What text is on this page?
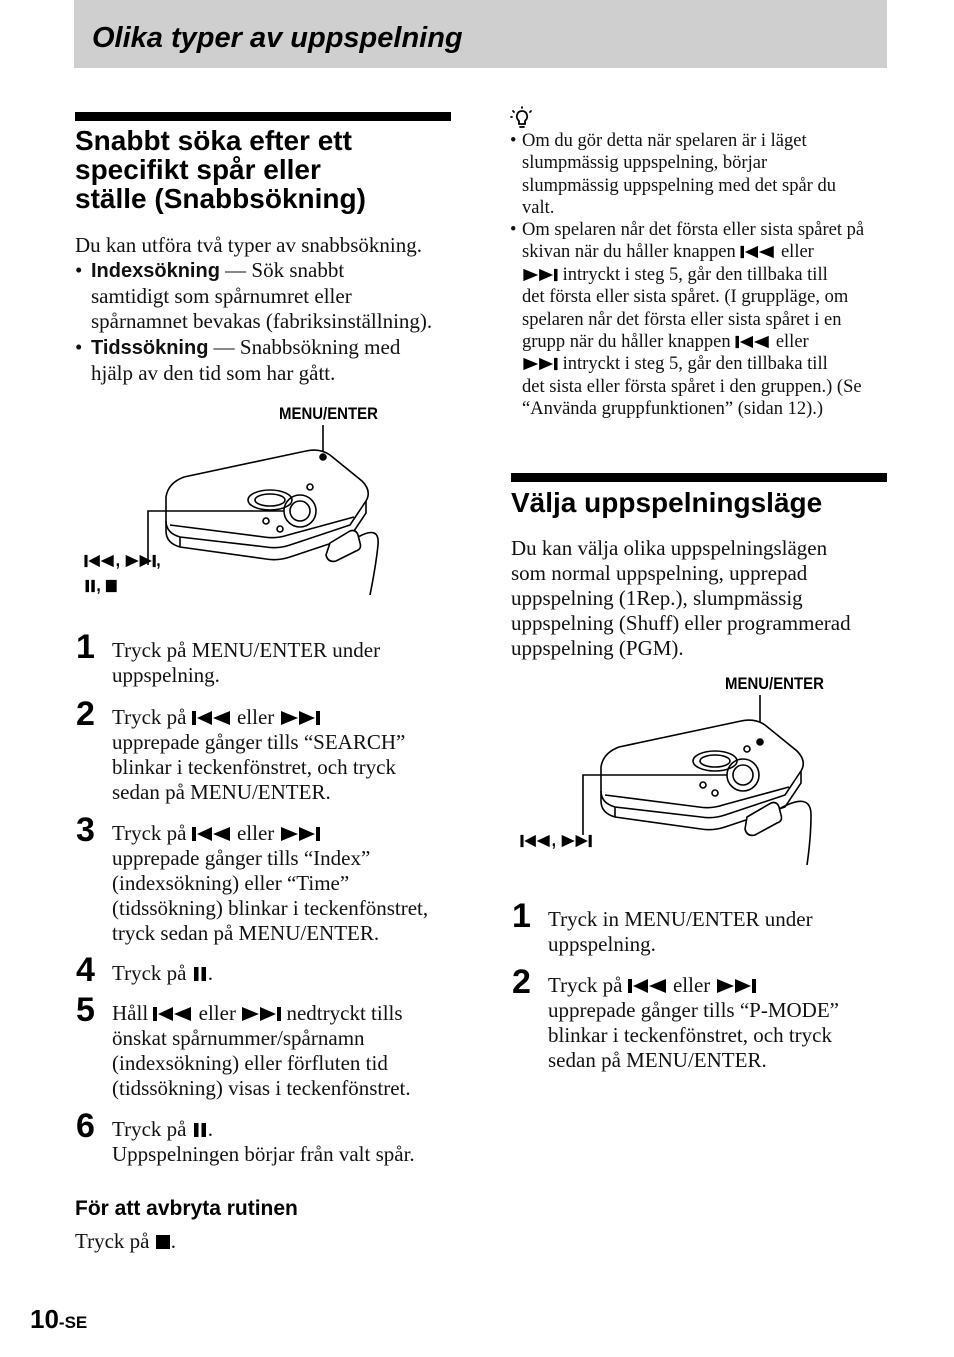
Olika typer av uppspelning
Snabbt söka efter ett
specifikt spår eller
ställe (Snabbsökning)
Du kan utföra två typer av snabbsökning.
• Indexsökning — Sök snabbt
samtidigt som spårnumret eller
spårnamnet bevakas (fabriksinställning).
• Tidssökning — Snabbsökning med
hjälp av den tid som har gått.
MENU/ENTER
, ,
,
1 Tryck på MENU/ENTER under
uppspelning.
2 Tryck på eller
upprepade gånger tills “SEARCH”
blinkar i teckenfönstret, och tryck
sedan på MENU/ENTER.
3 Tryck på eller
upprepade gånger tills “Index”
(indexsökning) eller “Time”
(tidssökning) blinkar i teckenfönstret,
tryck sedan på MENU/ENTER.
4 Tryck på .
5 Håll eller nedtryckt tills
önskat spårnummer/spårnamn
(indexsökning) eller förfluten tid
(tidssökning) visas i teckenfönstret.
6 Tryck på .
Uppspelningen börjar från valt spår.
För att avbryta rutinen
Tryck på .
• Om du gör detta när spelaren är i läget
slumpmässig uppspelning, börjar
slumpmässig uppspelning med det spår du
valt.
• Om spelaren når det första eller sista spåret på
skivan när du håller knappen eller
intryckt i steg 5, går den tillbaka till
det första eller sista spåret. (I gruppläge, om
spelaren når det första eller sista spåret i en
grupp när du håller knappen eller
intryckt i steg 5, går den tillbaka till
det sista eller första spåret i den gruppen.) (Se
“Använda gruppfunktionen” (sidan 12).)
Välja uppspelningsläge
Du kan välja olika uppspelningslägen
som normal uppspelning, upprepad
uppspelning (1Rep.), slumpmässig
uppspelning (Shuff) eller programmerad
uppspelning (PGM).
MENU/ENTER
,
1 Tryck in MENU/ENTER under
uppspelning.
2 Tryck på eller
upprepade gånger tills “P-MODE”
blinkar i teckenfönstret, och tryck
sedan på MENU/ENTER.
10-SE
